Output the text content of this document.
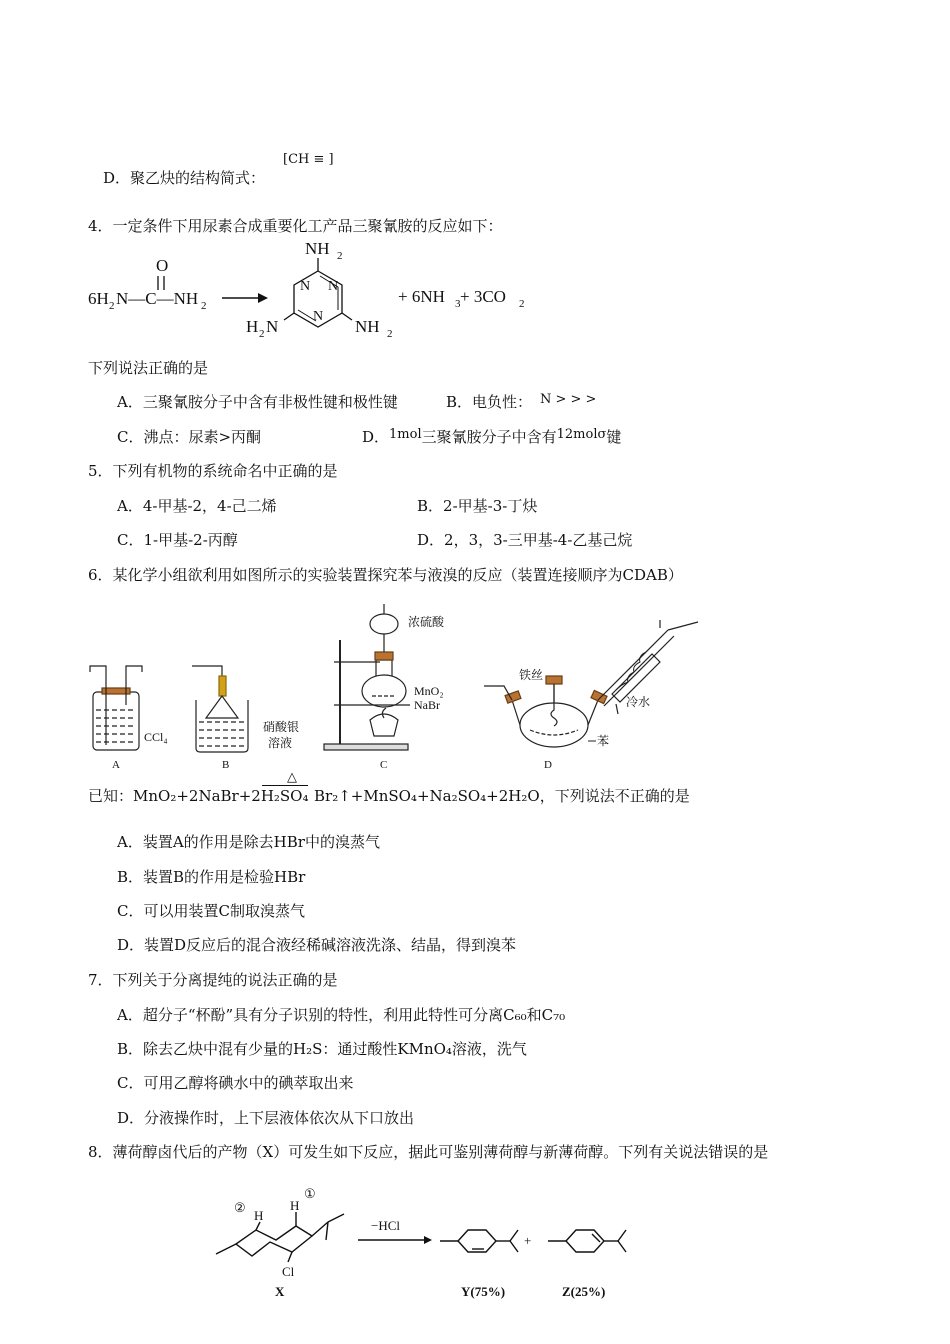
D．聚乙炔的结构简式：
[CH ≡ ]
4．一定条件下用尿素合成重要化工产品三聚氰胺的反应如下：
6H 2 N—C—NH 2
O
N N
N
NH 2
H 2 N	NH 2
+ 6NH 3 + 3CO 2
下列说法正确的是
A．三聚氰胺分子中含有非极性键和极性键	B．电负性： N > > >
C．沸点：尿素>丙酮	D．1mol三聚氰胺分子中含有12molσ键
5．下列有机物的系统命名中正确的是
A．4-甲基-2，4-己二烯	B．2-甲基-3-丁炔
C．1-甲基-2-丙醇	D．2，3，3-三甲基-4-乙基己烷
6．某化学小组欲利用如图所示的实验装置探究苯与液溴的反应（装置连接顺序为CDAB）
A	B	C	D
CCl₄
硝酸银
溶液
浓硫酸
MnO₂
NaBr
铁丝
冷水
苯
已知：MnO₂+2NaBr+2H₂SO₄
△
Br₂↑+MnSO₄+Na₂SO₄+2H₂O，下列说法不正确的是
A．装置A的作用是除去HBr中的溴蒸气
B．装置B的作用是检验HBr
C．可以用装置C制取溴蒸气
D．装置D反应后的混合液经稀碱溶液洗涤、结晶，得到溴苯
7．下列关于分离提纯的说法正确的是
A．超分子“杯酚”具有分子识别的特性，利用此特性可分离C₆₀和C₇₀
B．除去乙炔中混有少量的H₂S：通过酸性KMnO₄溶液，洗气
C．可用乙醇将碘水中的碘萃取出来
D．分液操作时，上下层液体依次从下口放出
8．薄荷醇卤代后的产物（X）可发生如下反应，据此可鉴别薄荷醇与新薄荷醇。下列有关说法错误的是
②
①
H
H
Cl
−HCl
+
X	Y(75%)	Z(25%)
